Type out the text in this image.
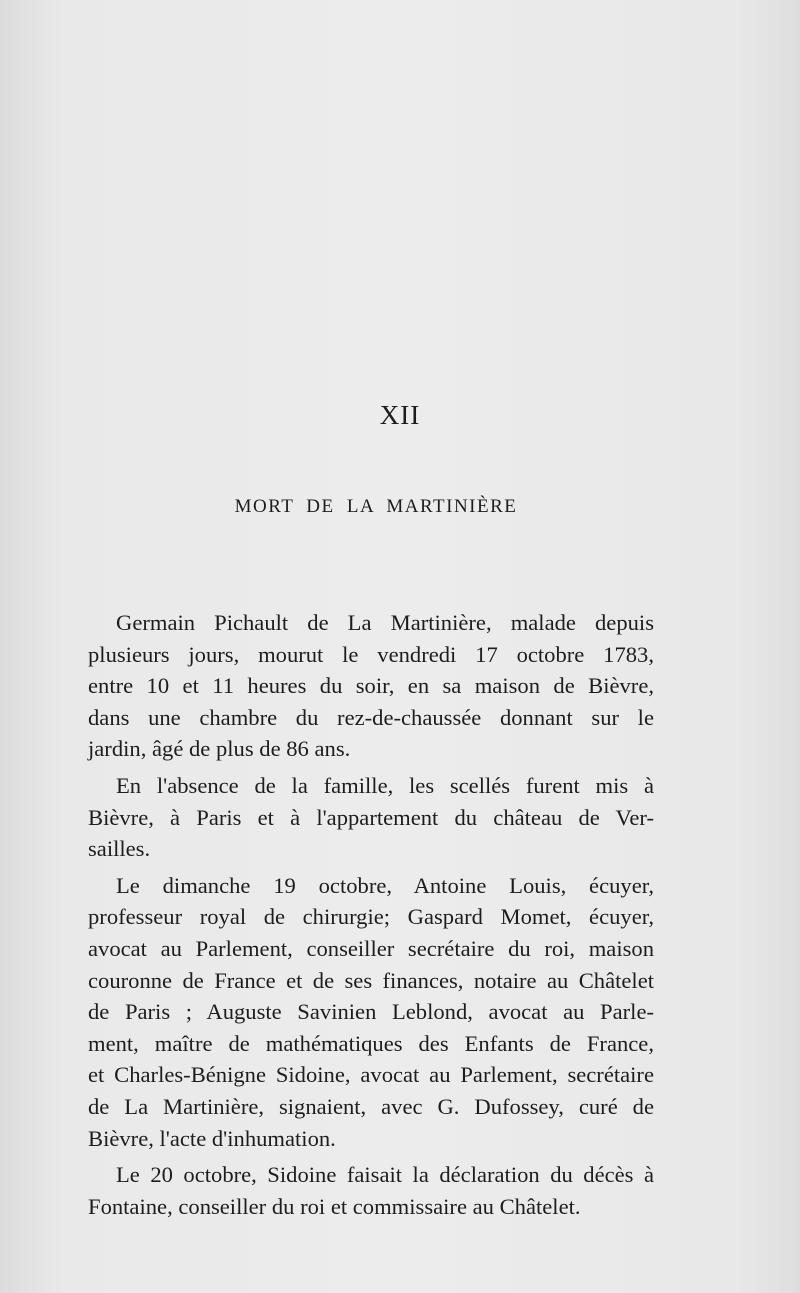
XII
MORT DE LA MARTINIÈRE
Germain Pichault de La Martinière, malade depuis
plusieurs jours, mourut le vendredi 17 octobre 1783,
entre 10 et 11 heures du soir, en sa maison de Bièvre,
dans une chambre du rez-de-chaussée donnant sur le
jardin, âgé de plus de 86 ans.
En l'absence de la famille, les scellés furent mis à
Bièvre, à Paris et à l'appartement du château de Ver-
sailles.
Le dimanche 19 octobre, Antoine Louis, écuyer,
professeur royal de chirurgie; Gaspard Momet, écuyer,
avocat au Parlement, conseiller secrétaire du roi, maison
couronne de France et de ses finances, notaire au Châtelet
de Paris ; Auguste Savinien Leblond, avocat au Parle-
ment, maître de mathématiques des Enfants de France,
et Charles-Bénigne Sidoine, avocat au Parlement, secrétaire
de La Martinière, signaient, avec G. Dufossey, curé de
Bièvre, l'acte d'inhumation.
Le 20 octobre, Sidoine faisait la déclaration du décès à
Fontaine, conseiller du roi et commissaire au Châtelet.
